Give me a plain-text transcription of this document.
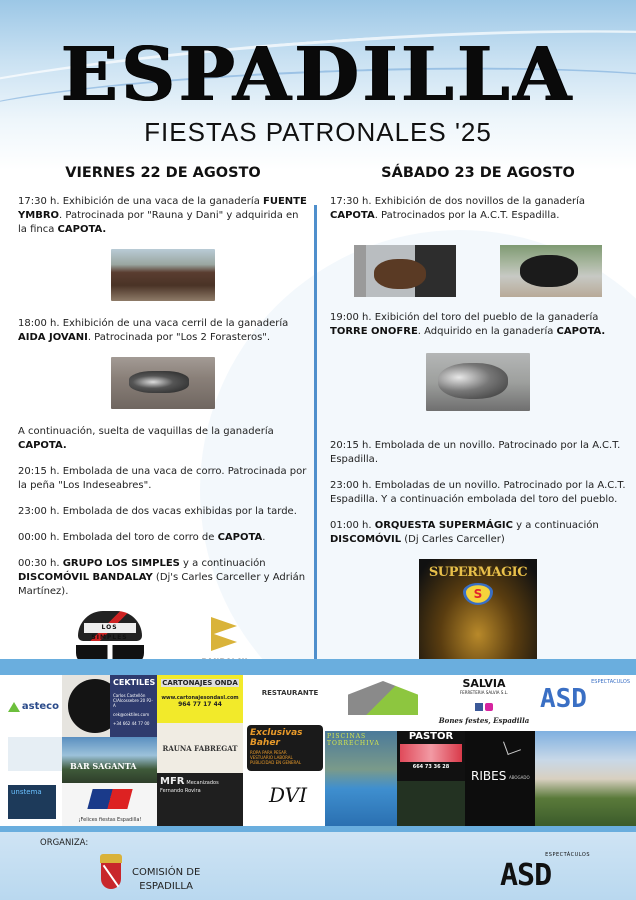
ESPADILLA
FIESTAS PATRONALES '25
VIERNES 22 DE AGOSTO
17:30 h. Exhibición de una vaca de la ganadería FUENTE YMBRO. Patrocinada por "Rauna y Dani" y adquirida en la finca CAPOTA.
18:00 h. Exhibición de una vaca cerril de la ganadería AIDA JOVANI. Patrocinada por "Los 2 Forasteros".
A continuación, suelta de vaquillas de la ganadería CAPOTA.
20:15 h. Embolada de una vaca de corro. Patrocinada por la peña "Los Indeseabres".
23:00 h. Embolada de dos vacas exhibidas por la tarde.
00:00 h. Embolada del toro de corro de CAPOTA.
00:30 h. GRUPO LOS SIMPLES y a continuación DISCOMÓVIL BANDALAY (Dj's Carles Carceller y Adrián Martínez).
LOS SIMPLES
SÁBADO 23 DE AGOSTO
17:30 h. Exhibición de dos novillos de la ganadería CAPOTA. Patrocinados por la A.C.T. Espadilla.
19:00 h. Exibición del toro del pueblo de la ganadería TORRE ONOFRE. Adquirido en la ganadería CAPOTA.
20:15 h. Embolada de un novillo. Patrocinado por la A.C.T. Espadilla.
23:00 h. Emboladas de un novillo. Patrocinado por la A.C.T. Espadilla. Y a continuación embolada del toro del pueblo.
01:00 h. ORQUESTA SUPERMÁGIC y a continuación DISCOMÓVIL (Dj Carles Carceller)
SUPERMAGIC
S
asteco
CEKTILES
Carlos Castellón
C/Alcossebre 20 P2-A
cek@cektiles.com
+34 662 44 77 00
CARTONAJES ONDA
www.cartonajesondasl.com
964 77 17 44
RESTAURANTE
SALVIA
FERRETERIA SALVIA S.L.

Bones festes, Espadilla
ESPECTÁCULOS
ASD
BAR SAGANTA
RAUNA FABREGAT
Exclusivas Baher
ROPA PARA PESAR
VESTUARIO LABORAL
PUBLICIDAD EN GENERAL
PISCINAS TORRECHIVA
PASTOR
664 73 36 28
RIBES ABOGADO
unstema
¡Felices fiestas Espadilla!
MFR Mecanizados Fernando Rovira	DVI
ORGANIZA:
COMISIÓN DE
ESPADILLA
ESPECTÁCULOS
ASD
